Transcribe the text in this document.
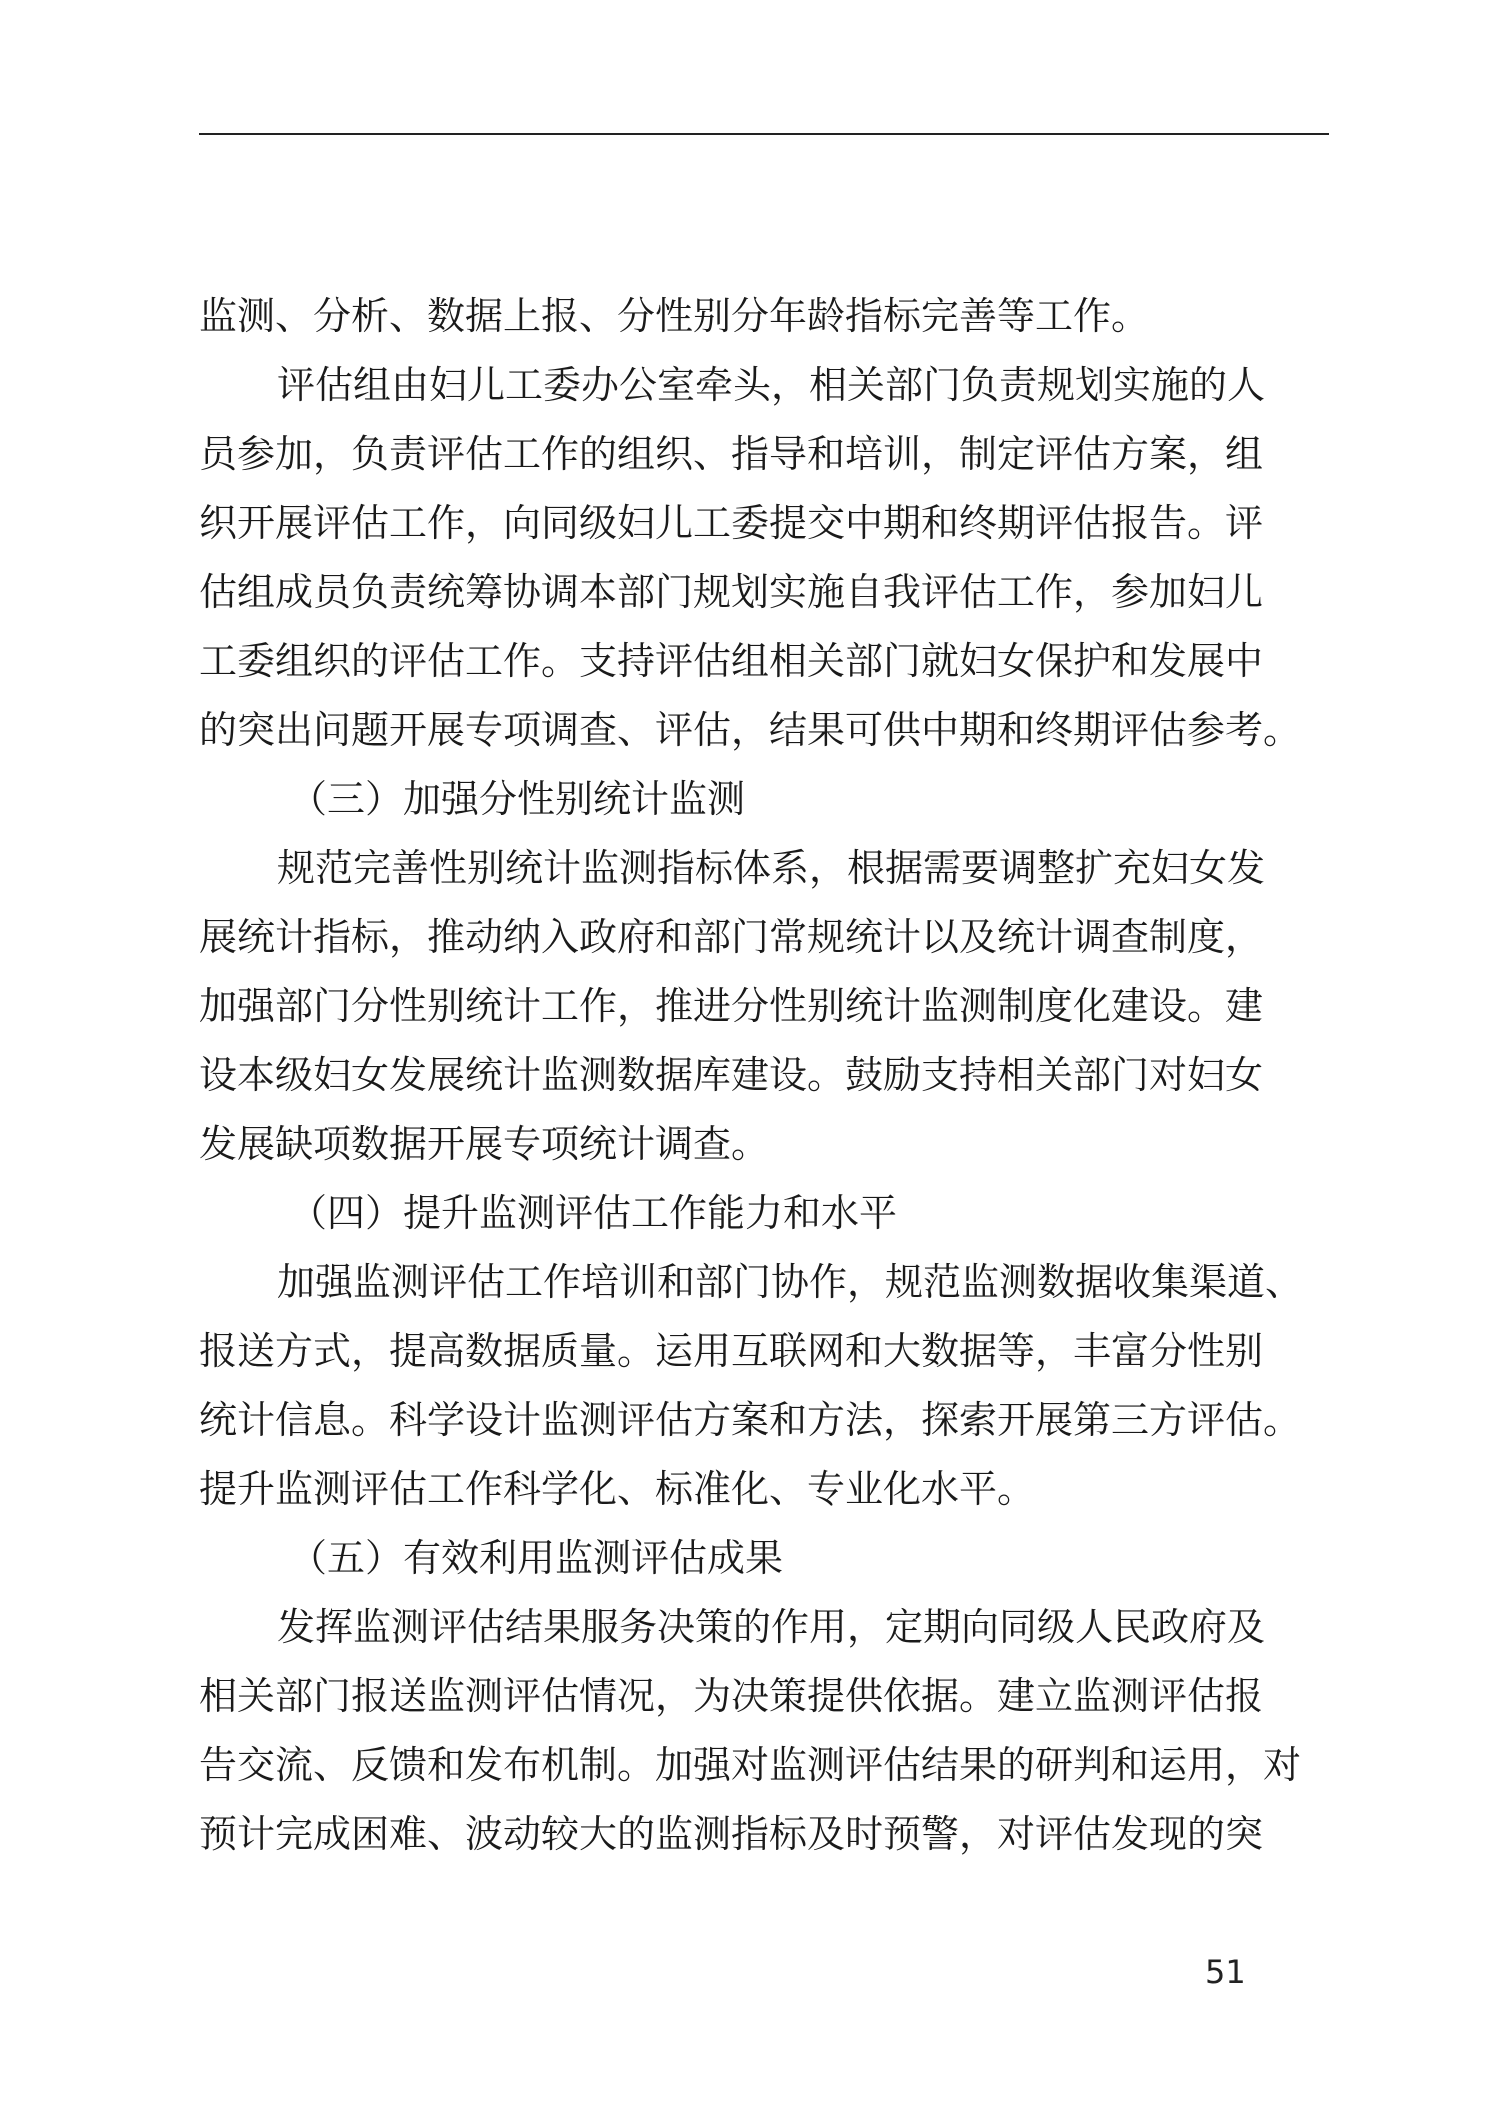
监测、分析、数据上报、分性别分年龄指标完善等工作。
评估组由妇儿工委办公室牵头，相关部门负责规划实施的人
员参加，负责评估工作的组织、指导和培训，制定评估方案，组
织开展评估工作，向同级妇儿工委提交中期和终期评估报告。评
估组成员负责统筹协调本部门规划实施自我评估工作，参加妇儿
工委组织的评估工作。支持评估组相关部门就妇女保护和发展中
的突出问题开展专项调查、评估，结果可供中期和终期评估参考。
（三）加强分性别统计监测
规范完善性别统计监测指标体系，根据需要调整扩充妇女发
展统计指标，推动纳入政府和部门常规统计以及统计调查制度，
加强部门分性别统计工作，推进分性别统计监测制度化建设。建
设本级妇女发展统计监测数据库建设。鼓励支持相关部门对妇女
发展缺项数据开展专项统计调查。
（四）提升监测评估工作能力和水平
加强监测评估工作培训和部门协作，规范监测数据收集渠道、
报送方式，提高数据质量。运用互联网和大数据等，丰富分性别
统计信息。科学设计监测评估方案和方法，探索开展第三方评估。
提升监测评估工作科学化、标准化、专业化水平。
（五）有效利用监测评估成果
发挥监测评估结果服务决策的作用，定期向同级人民政府及
相关部门报送监测评估情况，为决策提供依据。建立监测评估报
告交流、反馈和发布机制。加强对监测评估结果的研判和运用，对
预计完成困难、波动较大的监测指标及时预警，对评估发现的突
51
